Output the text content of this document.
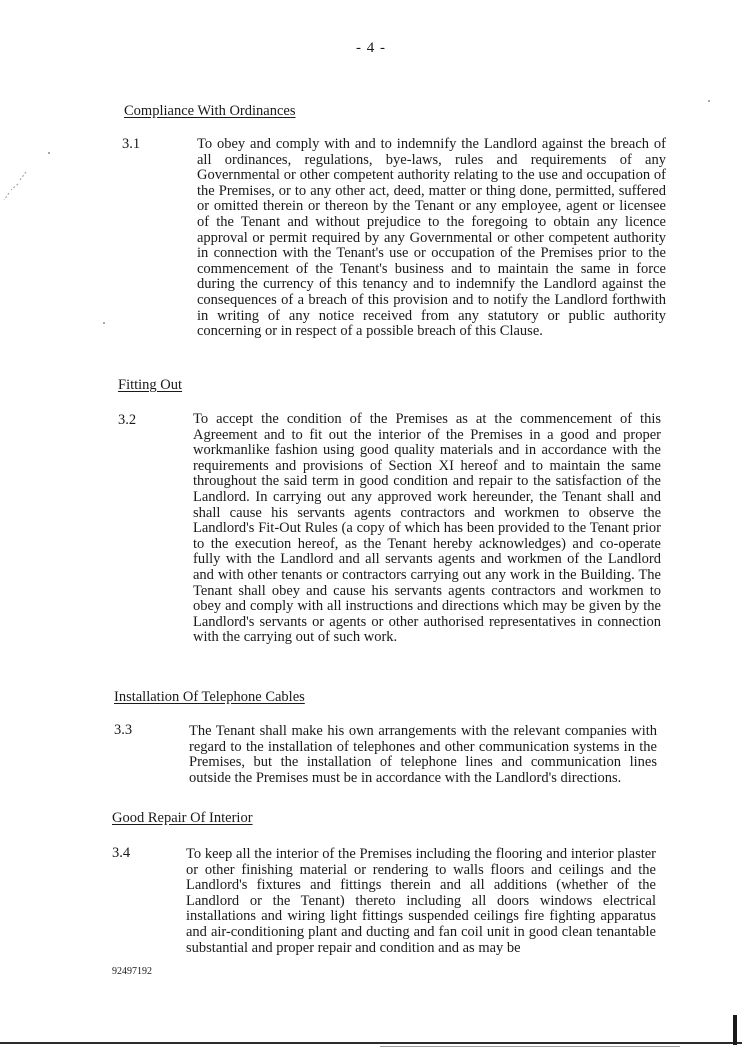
- 4 -
Compliance With Ordinances
3.1	To obey and comply with and to indemnify the Landlord against the breach of all ordinances, regulations, bye-laws, rules and requirements of any Governmental or other competent authority relating to the use and occupation of the Premises, or to any other act, deed, matter or thing done, permitted, suffered or omitted therein or thereon by the Tenant or any employee, agent or licensee of the Tenant and without prejudice to the foregoing to obtain any licence approval or permit required by any Governmental or other competent authority in connection with the Tenant's use or occupation of the Premises prior to the commencement of the Tenant's business and to maintain the same in force during the currency of this tenancy and to indemnify the Landlord against the consequences of a breach of this provision and to notify the Landlord forthwith in writing of any notice received from any statutory or public authority concerning or in respect of a possible breach of this Clause.
Fitting Out
3.2	To accept the condition of the Premises as at the commencement of this Agreement and to fit out the interior of the Premises in a good and proper workmanlike fashion using good quality materials and in accordance with the requirements and provisions of Section XI hereof and to maintain the same throughout the said term in good condition and repair to the satisfaction of the Landlord. In carrying out any approved work hereunder, the Tenant shall and shall cause his servants agents contractors and workmen to observe the Landlord's Fit-Out Rules (a copy of which has been provided to the Tenant prior to the execution hereof, as the Tenant hereby acknowledges) and co-operate fully with the Landlord and all servants agents and workmen of the Landlord and with other tenants or contractors carrying out any work in the Building. The Tenant shall obey and cause his servants agents contractors and workmen to obey and comply with all instructions and directions which may be given by the Landlord's servants or agents or other authorised representatives in connection with the carrying out of such work.
Installation Of Telephone Cables
3.3	The Tenant shall make his own arrangements with the relevant companies with regard to the installation of telephones and other communication systems in the Premises, but the installation of telephone lines and communication lines outside the Premises must be in accordance with the Landlord's directions.
Good Repair Of Interior
3.4	To keep all the interior of the Premises including the flooring and interior plaster or other finishing material or rendering to walls floors and ceilings and the Landlord's fixtures and fittings therein and all additions (whether of the Landlord or the Tenant) thereto including all doors windows electrical installations and wiring light fittings suspended ceilings fire fighting apparatus and air-conditioning plant and ducting and fan coil unit in good clean tenantable substantial and proper repair and condition and as may be
92497192
